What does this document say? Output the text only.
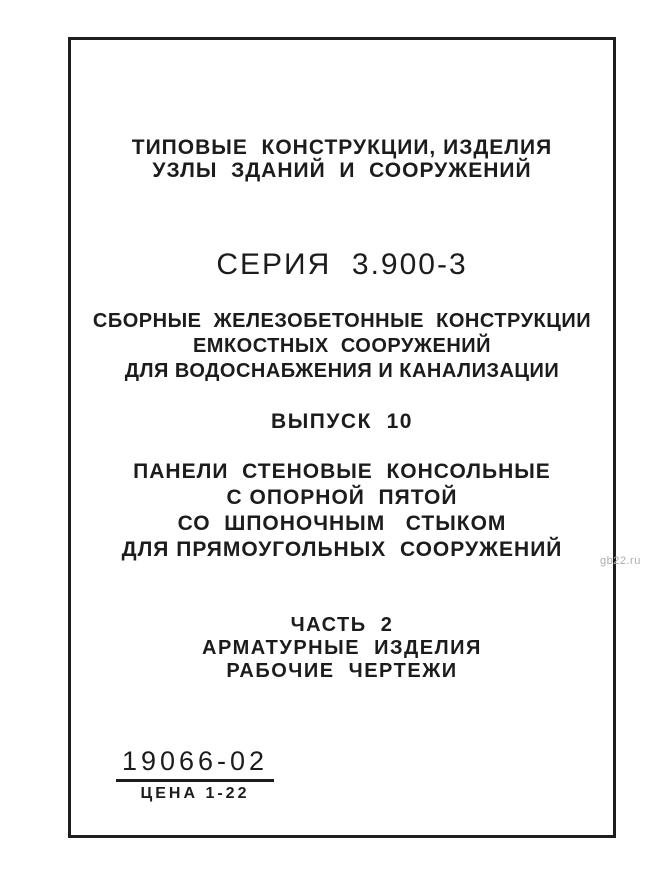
ТИПОВЫЕ  КОНСТРУКЦИИ, ИЗДЕЛИЯ
УЗЛЫ  ЗДАНИЙ  И  СООРУЖЕНИЙ
СЕРИЯ  3.900-3
СБОРНЫЕ  ЖЕЛЕЗОБЕТОННЫЕ  КОНСТРУКЦИИ
ЕМКОСТНЫХ  СООРУЖЕНИЙ
ДЛЯ ВОДОСНАБЖЕНИЯ И КАНАЛИЗАЦИИ
ВЫПУСК  10
ПАНЕЛИ  СТЕНОВЫЕ  КОНСОЛЬНЫЕ
С ОПОРНОЙ  ПЯТОЙ
СО  ШПОНОЧНЫМ   СТЫКОМ
ДЛЯ ПРЯМОУГОЛЬНЫХ  СООРУЖЕНИЙ
ЧАСТЬ  2
АРМАТУРНЫЕ  ИЗДЕЛИЯ
РАБОЧИЕ  ЧЕРТЕЖИ
19066-02
ЦЕНА 1-22
gb22.ru
